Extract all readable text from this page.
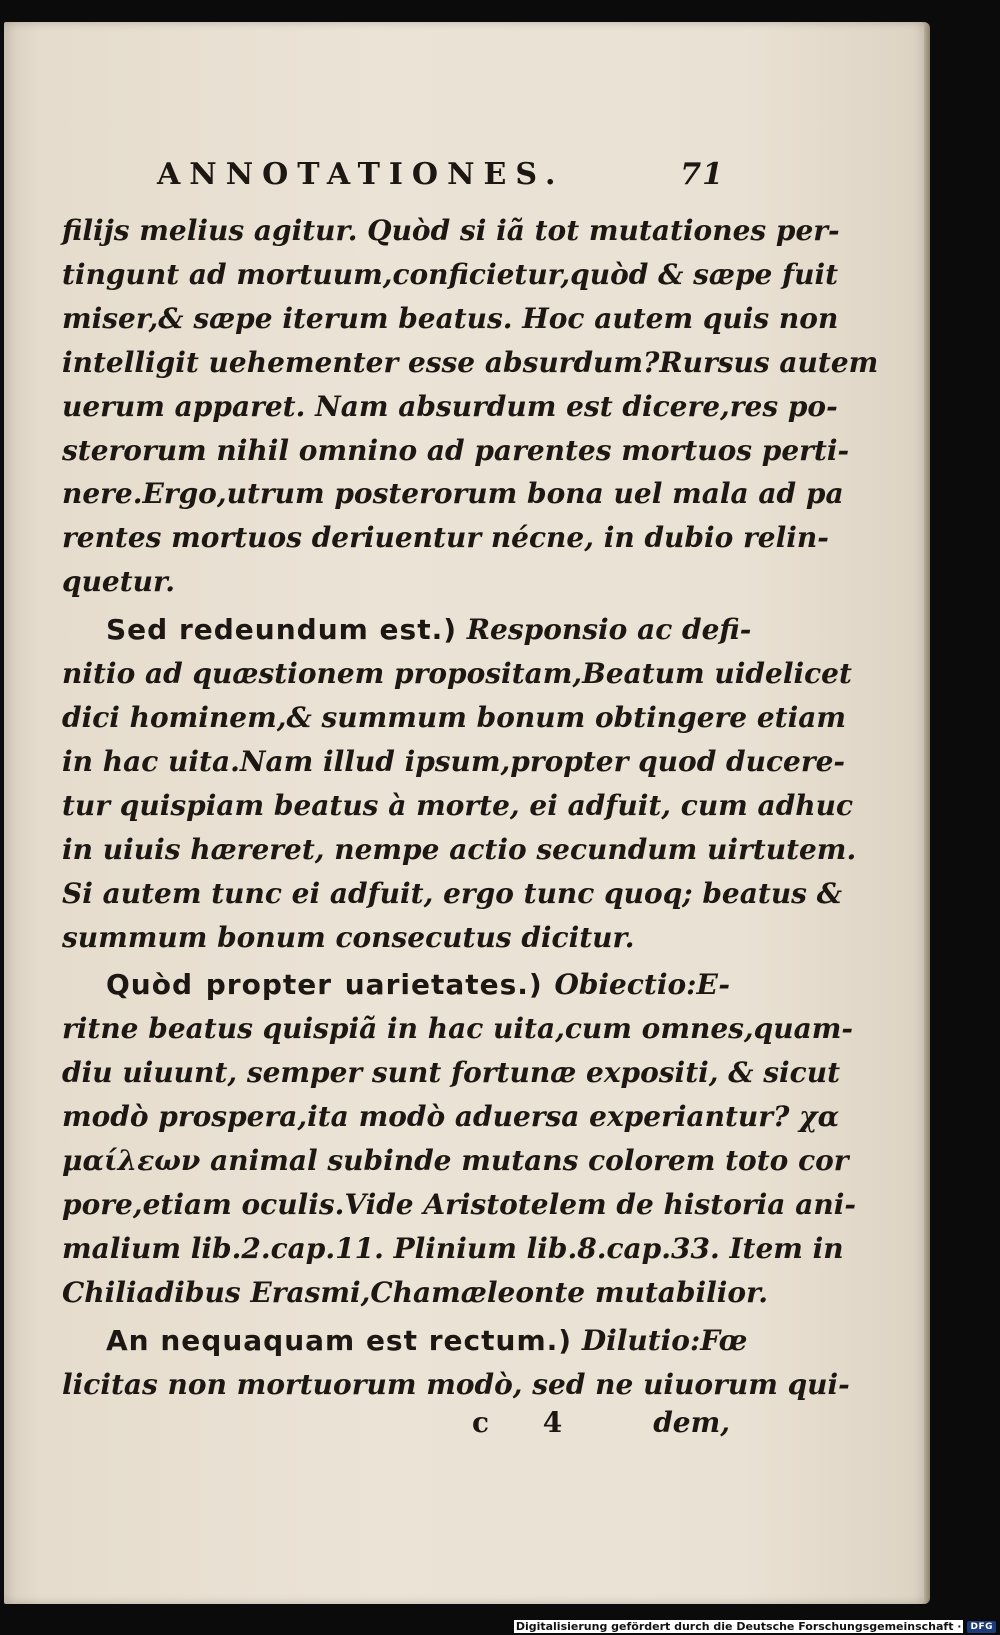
ANNOTATIONES.	71
filijs melius agitur. Quòd si iã tot mutationes per-
tingunt ad mortuum,conficietur,quòd & sæpe fuit
miser,& sæpe iterum beatus. Hoc autem quis non
intelligit uehementer esse absurdum?Rursus autem
uerum apparet. Nam absurdum est dicere,res po-
sterorum nihil omnino ad parentes mortuos perti-
nere.Ergo,utrum posterorum bona uel mala ad pa
rentes mortuos deriuentur nécne, in dubio relin-
quetur.
Sed redeundum est.) Responsio ac defi-
nitio ad quæstionem propositam,Beatum uidelicet
dici hominem,& summum bonum obtingere etiam
in hac uita.Nam illud ipsum,propter quod ducere-
tur quispiam beatus à morte, ei adfuit, cum adhuc
in uiuis hæreret, nempe actio secundum uirtutem.
Si autem tunc ei adfuit, ergo tunc quoq; beatus &
summum bonum consecutus dicitur.
Quòd propter uarietates.) Obiectio:E-
ritne beatus quispiã in hac uita,cum omnes,quam-
diu uiuunt, semper sunt fortunæ expositi, & sicut
modò prospera,ita modò aduersa experiantur? χα
μαίλεων animal subinde mutans colorem toto cor
pore,etiam oculis.Vide Aristotelem de historia ani-
malium lib.2.cap.11. Plinium lib.8.cap.33. Item in
Chiliadibus Erasmi,Chamæleonte mutabilior.
An nequaquam est rectum.) Dilutio:Fœ
licitas non mortuorum modò, sed ne uiuorum qui-
c 4 dem,
Digitalisierung gefördert durch die Deutsche Forschungsgemeinschaft ·	DFG
